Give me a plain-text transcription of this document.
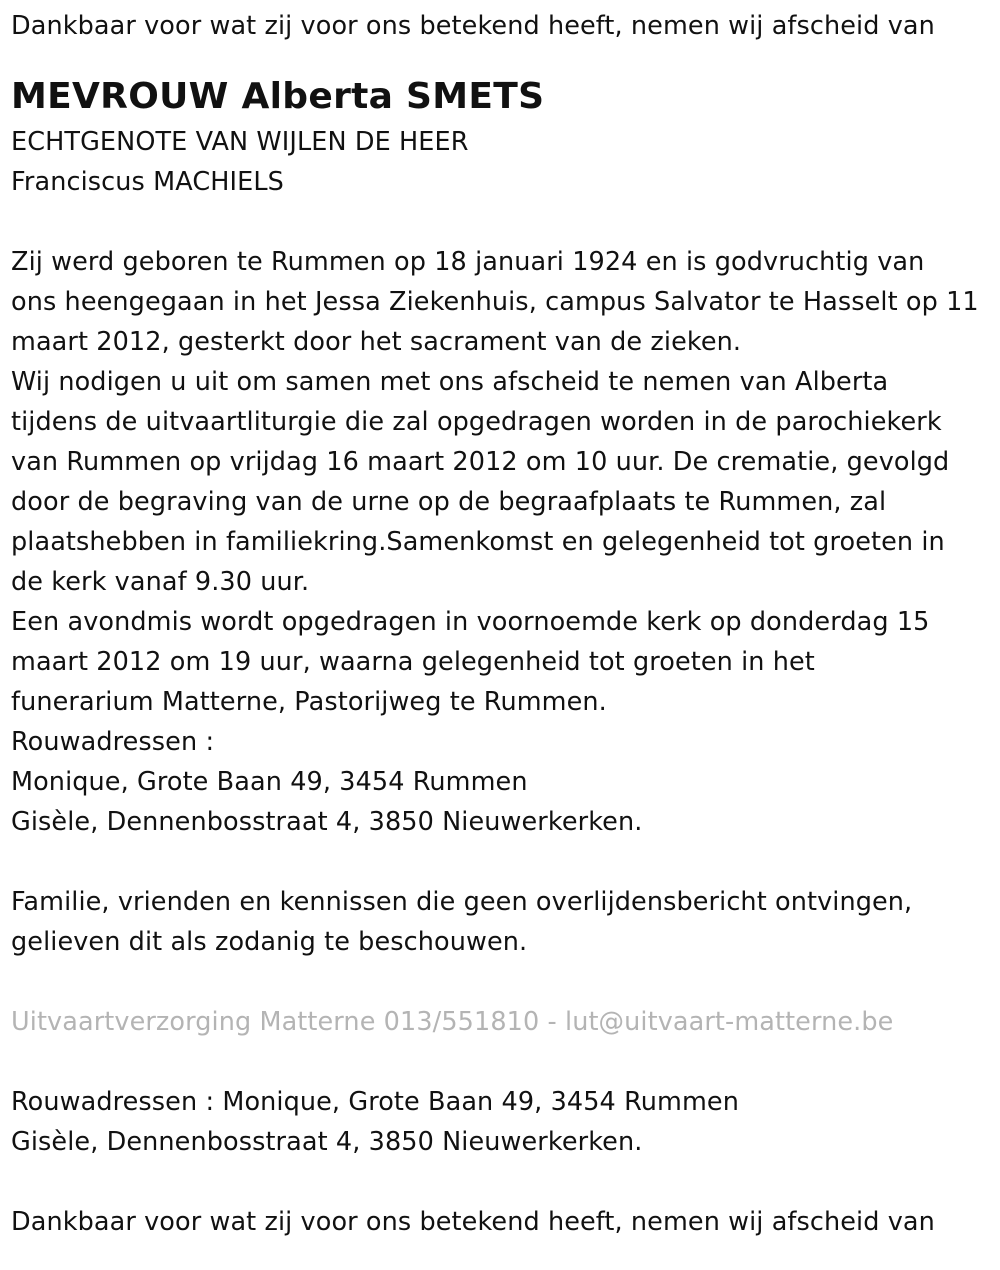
Dankbaar voor wat zij voor ons betekend heeft, nemen wij afscheid van
MEVROUW Alberta SMETS
ECHTGENOTE VAN WIJLEN DE HEER
Franciscus MACHIELS
Zij werd geboren te Rummen op 18 januari 1924 en is godvruchtig van
ons heengegaan in het Jessa Ziekenhuis, campus Salvator te Hasselt op 11
maart 2012, gesterkt door het sacrament van de zieken.
Wij nodigen u uit om samen met ons afscheid te nemen van Alberta
tijdens de uitvaartliturgie die zal opgedragen worden in de parochiekerk
van Rummen op vrijdag 16 maart 2012 om 10 uur. De crematie, gevolgd
door de begraving van de urne op de begraafplaats te Rummen, zal
plaatshebben in familiekring.Samenkomst en gelegenheid tot groeten in
de kerk vanaf 9.30 uur.
Een avondmis wordt opgedragen in voornoemde kerk op donderdag 15
maart 2012 om 19 uur, waarna gelegenheid tot groeten in het
funerarium Matterne, Pastorijweg te Rummen.
Rouwadressen :
Monique, Grote Baan 49, 3454 Rummen
Gisèle, Dennenbosstraat 4, 3850 Nieuwerkerken.
Familie, vrienden en kennissen die geen overlijdensbericht ontvingen,
gelieven dit als zodanig te beschouwen.
Uitvaartverzorging Matterne 013/551810 - lut@uitvaart-matterne.be
Rouwadressen : Monique, Grote Baan 49, 3454 Rummen
Gisèle, Dennenbosstraat 4, 3850 Nieuwerkerken.
Dankbaar voor wat zij voor ons betekend heeft, nemen wij afscheid van
